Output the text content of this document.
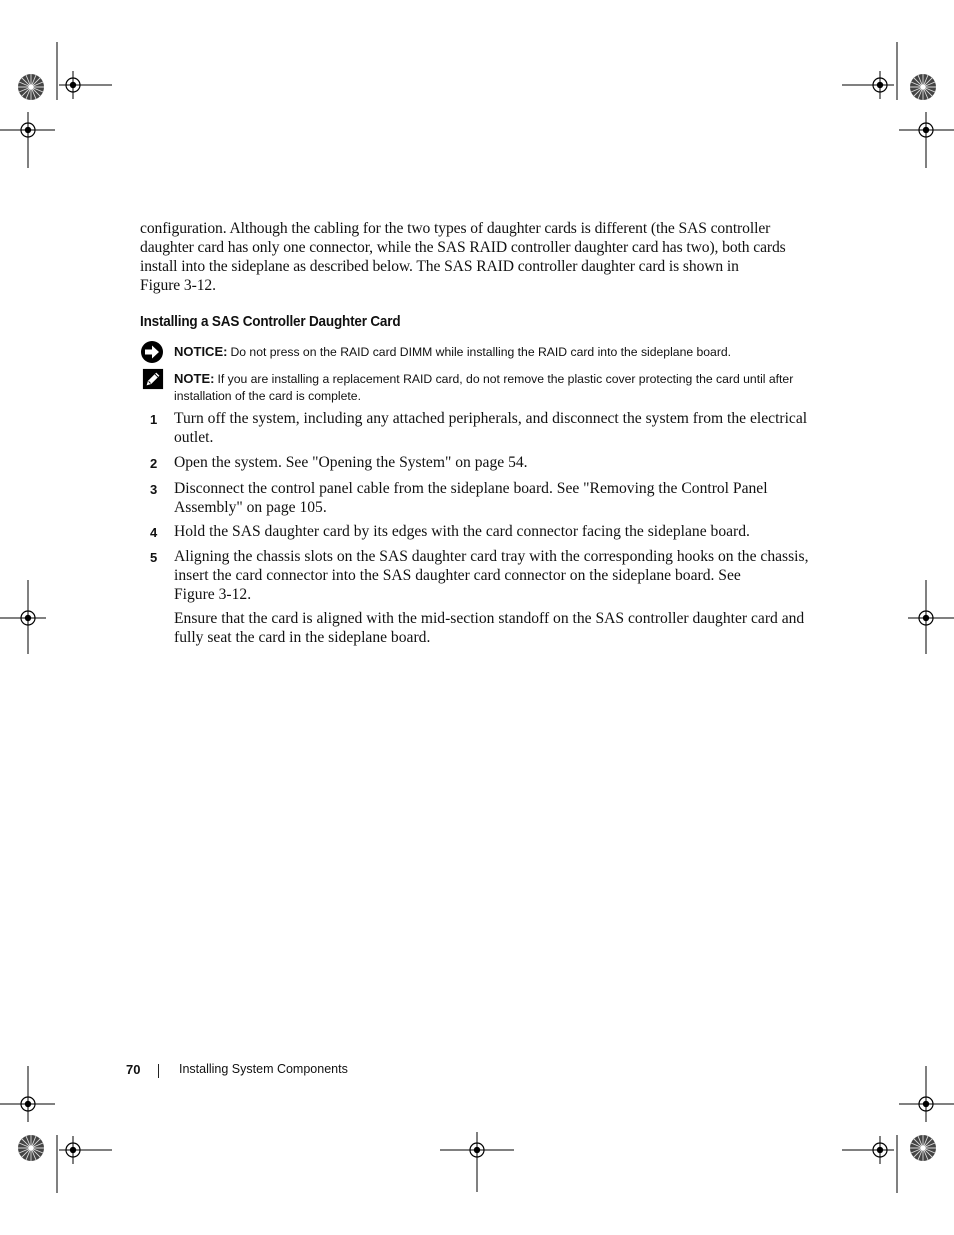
configuration. Although the cabling for the two types of daughter cards is different (the SAS controller
daughter card has only one connector, while the SAS RAID controller daughter card has two), both cards
install into the sideplane as described below. The SAS RAID controller daughter card is shown in
Figure 3-12.
Installing a SAS Controller Daughter Card
NOTICE: Do not press on the RAID card DIMM while installing the RAID card into the sideplane board.
NOTE: If you are installing a replacement RAID card, do not remove the plastic cover protecting the card until after
installation of the card is complete.
1	Turn off the system, including any attached peripherals, and disconnect the system from the electrical
outlet.
2	Open the system. See "Opening the System" on page 54.
3	Disconnect the control panel cable from the sideplane board. See "Removing the Control Panel
Assembly" on page 105.
4	Hold the SAS daughter card by its edges with the card connector facing the sideplane board.
5	Aligning the chassis slots on the SAS daughter card tray with the corresponding hooks on the chassis,
insert the card connector into the SAS daughter card connector on the sideplane board. See
Figure 3-12.
Ensure that the card is aligned with the mid-section standoff on the SAS controller daughter card and
fully seat the card in the sideplane board.
70	Installing System Components
